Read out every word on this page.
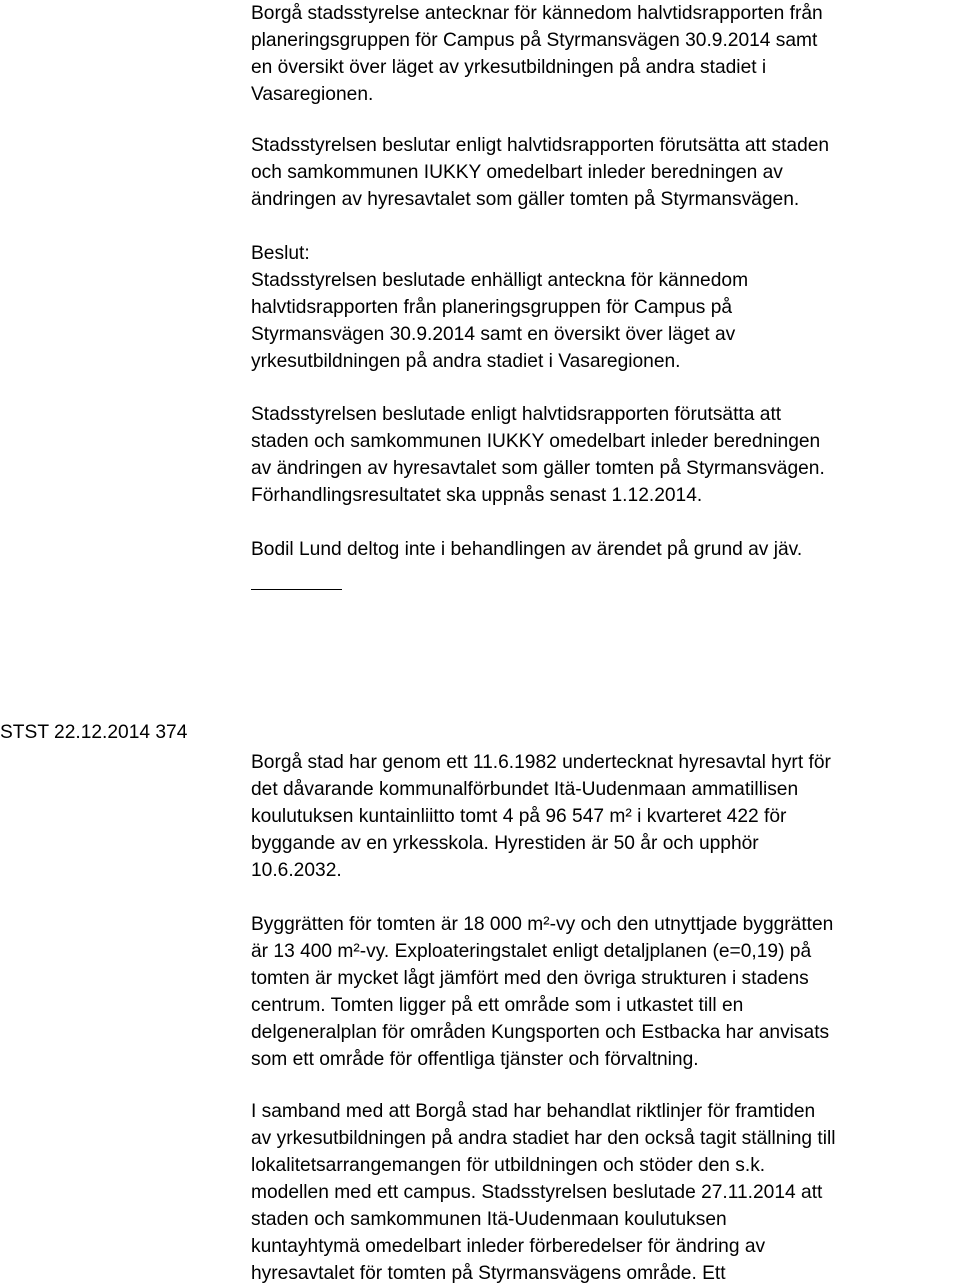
Borgå stadsstyrelse antecknar för kännedom halvtidsrapporten från
planeringsgruppen för Campus på Styrmansvägen 30.9.2014 samt
en översikt över läget av yrkesutbildningen på andra stadiet i
Vasaregionen.

Stadsstyrelsen beslutar enligt halvtidsrapporten förutsätta att staden
och samkommunen IUKKY omedelbart inleder beredningen av
ändringen av hyresavtalet som gäller tomten på Styrmansvägen.

Beslut:
Stadsstyrelsen beslutade enhälligt anteckna för kännedom
halvtidsrapporten från planeringsgruppen för Campus på
Styrmansvägen 30.9.2014 samt en översikt över läget av
yrkesutbildningen på andra stadiet i Vasaregionen.

Stadsstyrelsen beslutade enligt halvtidsrapporten förutsätta att
staden och samkommunen IUKKY omedelbart inleder beredningen
av ändringen av hyresavtalet som gäller tomten på Styrmansvägen.
Förhandlingsresultatet ska uppnås senast 1.12.2014.

Bodil Lund deltog inte i behandlingen av ärendet på grund av jäv.

STST 22.12.2014 374

Borgå stad har genom ett 11.6.1982 undertecknat hyresavtal hyrt för
det dåvarande kommunalförbundet Itä-Uudenmaan ammatillisen
koulutuksen kuntainliitto tomt 4 på 96 547 m² i kvarteret 422 för
byggande av en yrkesskola. Hyrestiden är 50 år och upphör
10.6.2032.

Byggrätten för tomten är 18 000 m²-vy och den utnyttjade byggrätten
är 13 400 m²-vy. Exploateringstalet enligt detaljplanen (e=0,19) på
tomten är mycket lågt jämfört med den övriga strukturen i stadens
centrum. Tomten ligger på ett område som i utkastet till en
delgeneralplan för områden Kungsporten och Estbacka har anvisats
som ett område för offentliga tjänster och förvaltning.

I samband med att Borgå stad har behandlat riktlinjer för framtiden
av yrkesutbildningen på andra stadiet har den också tagit ställning till
lokalitetsarrangemangen för utbildningen och stöder den s.k.
modellen med ett campus. Stadsstyrelsen beslutade 27.11.2014 att
staden och samkommunen Itä-Uudenmaan koulutuksen
kuntayhtymä omedelbart inleder förberedelser för ändring av
hyresavtalet för tomten på Styrmansvägens område. Ett
